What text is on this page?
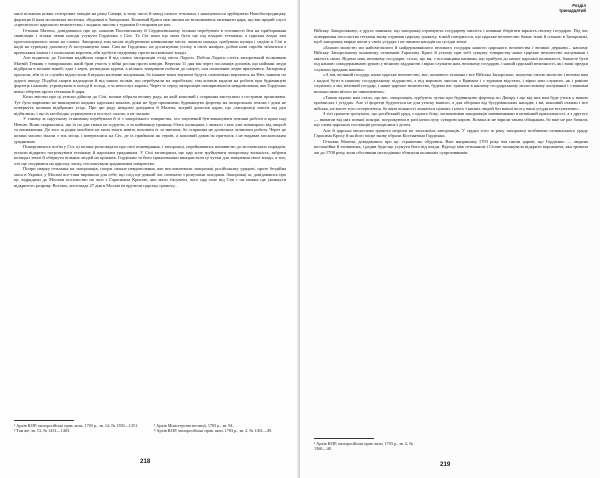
милі кількома нових селітрових заводів на річці Самарі, в тому числі й завод самого гетьмана, і наказувалося зруйнувати Новобогородицьку фортецю й інші московські містечка, збудовані в Запорожжі. Кошовий Криса між іншим не втомлювався запевняти царя, що він щирий слуга «пресвітлого царського величества» і жодних зносин з турками й татарами не має.

Гетьман Мазепа, довідавшись про це, наказав Полтавському й Сердюківському полкам перебувати в готовності йти на приборкання свавільців і тільки чекав нагоди усунути Гордієнка з Січі. Та Січ поки що мала бути ще під владою гетьмана, а царська влада там проголошувалась лише на словах. Запорожці тим часом підбурювали навколишні міста, чинили напади, грабували купців і сиділи в Січі в надії на турецьку допомогу й заступництво хана. Сам же Гордієнко, не досягнувши успіху в своїх намірах, робив нові спроби зв'язатися з кримським ханом і з польським королем, аби здобути підтримку проти московської влади.

Але водночас до Головня надійшла скарга й від самих запорожців з-під міста Ладоги. Побіля Ладоги стоїть запорозький полковник Матвій Темник з товаришами, який брав участь у війні росіян проти шведів. Вересня 11 дня він через посланців доповів, що наймані люди відібрали в козаків коней, одяг і харчі, розкидали курені, а кількох товаришів побили до смерті; сам полковник ледве врятувався. Запорожці просили, аби їх із служби відпустили й видали належне жалування, бо інакше вони змушені будуть самовільно вертатися на Низ, чинячи по дорозі шкоду. Подібні скарги надходили й від інших полків, що перебували на заробітках: там козаків кидали на роботи при будівництві фортець і каналів, утримували в холоді й голоді, а за непослух карали. Через те серед запорожців поширювалося невдоволення, яке Гордієнко вміло обертав проти гетьмана й царя.

Коли звістки про ці утиски дійшли до Січі, козаки зібрали велику раду, на якій кошовий і старшина виступили з гострими промовами. Тут було вирішено не виконувати жодних царських наказів, доки не буде припинено будівництво фортець на запорозьких землях і доки не повернуть козакам відібраних угідь. Про цю раду невдовзі довідався й Мазепа, котрий доносив царю, що «запорожці зовсім від рук відбилися» і що їх необхідно утримувати в послусі силою, а не ласкою.

У такому ж скрутному становищі перебували й ті з запорізького товариства, хто змушений був виконувати земляні роботи в краю над Невою. Вони скаржилися, що їх по два тижні не годують, а за найменшу провину б'ють палицями, і чимало з них уже повмирало від хвороб та виснаження. До того ж рідня загиблих не мала змоги навіть поховати їх за звичаєм, бо старшина не дозволяла залишати роботу. Через це козаки масово тікали з тих місць і поверталися на Січ, де їх приймали як героїв, а кошовий давав їм притулок і не видавав московським урядникам.

Повертаючись потім у Січ, ці козаки розповідали про свої поневіряння, і запорожці, перейнявшись ненавистю до московських порядків, почали відкрито погрожувати гетьману й царським урядникам. У Січі заговорили, що цар хоче зруйнувати запорозьку вольність, забрати козацькі землі й обернути вільних людей на кріпаків. Гордієнко та його прихильники використали ці чутки для зміцнення своєї влади, а тих, хто ще сподівався на царську ласку, оголошували зрадниками товариства.

Попри сварку гетьмана на запорожців, попри сильне невдоволення, яке висловлювали запорожці російському урядові, проте бездійна маса в Україні, у Москві все-таки вирішила для себе, що слід ще деякий час почекати з рішучими заходами. Запорожці ж, довідавшись про це, відрядили до Москви посольство на чолі з Гарасимом Крисою, яке мало з'ясувати, чого цар хоче від Січі і чи можна ще уникнути відкритого розриву. Восени, листопада 27 дня в Москві їм вручили царську грамоту...

¹ Архів ЮЗР, малоросійські прав. акти, 1703 р., зв. 14, № 1350—1351.

² Там же, зв. 13, № 1431—1403.

³ Архів Міністерства юстиції, 1703 р., зв. 94.

⁴ Архів ЮЗР, малоросійські прав. акти, 1703 р., зв. 2, № 1361—49.

218
Розділ
тринадцятий

Війську Запорозькому; а друга заявляла, що запорожці отримують государеву милість і повинні зберігати вірність своєму государю. Під час повернення посольства гетьман знову отримав царську грамоту, в якій говорилося, що царське величество бажає тиші й спокою в Запорожжі, щоб запорожці мирно жили у своїх угіддях і не чинили нападів на сусідні землі.

«Божою милістю ми найсвітлішого й найдержавнішого великого государя нашого царського величества і великої держави... нашому Війську Запорозькому кошовому отаманові Гарасиму Крисі й усьому при тобі сущому товариству наше царське величество жалування і милість свою. Відомо нам, великому государю, стало, що ви, з посланцями вашими, що прибули до нашої царської величності, бажаєте бути під нашою самодержавною рукою у вічному підданстві і вірно служити нам, великому государю, і нашій царській величності, як і ваші предки служили предкам нашим».

«А ми, великий государ, наше царське величество, вас, кошового отамана і все Військо Запорозьке, жалуємо своєю милістю і велимо вам і надалі бути в нашому государському підданстві, а від ворожих зносин з Кримом і з турками відстати, і вірно нам служити, як і раніше служили; а ми, великий государ, і наше царське величество, будемо вас тримати в нашому государському милостивому жалуванні і з вашими вольностями нічого не чинитимемо».

«Також відомо нам стало, що вас, запорожців, турбують чутки про будівництво фортець по Дніпру і що від них вам буде утиск у ваших промислах і угіддях. Але ті фортеці будуються не для утиску вашого, а для оборони від бусурманських нападів; і ви, кошовий отаман і все військо, не маєте того остерігатися, бо ваші вільності лишаться цілими, і ніхто з наших людей без вашої волі у ваші угіддя не вступатиме».

З тієї грамоти зрозуміло, що російський уряд, з одного боку, заспокоював запорожців запевненнями в незмінній прихильності, а з другого — вимагав від них повної покори, погрожуючи в разі непослуху суворою карою. Козаки ж не вірили таким обіцянкам, бо вже не раз бачили, що слова царських посланців розходилися з ділом.

Але й царська милостива грамота нітрохи не заспокоїла запорожців. У грудні того ж року запорожці позбавили отаманського уряду Гарасима Крису й на його місце знову обрали Костянтина Гордієнка.

Гетьман Мазепа, довідавшись про це, страшенно обурився. Вже наприкінці 1703 року він писав цареві, що Гордієнко — людина неспокійна й зловмисна, і радив будь-що усунути його від влади. Відтоді між гетьманом і Січчю запанувала відкрита ворожнеча, яка тривала аж до 1708 року, коли обставини несподівано зблизили колишніх супротивників.

¹ Архів ЮЗР, малоросійські прав. акти, 1703 р., зв. 2, № 1360—48.

219
